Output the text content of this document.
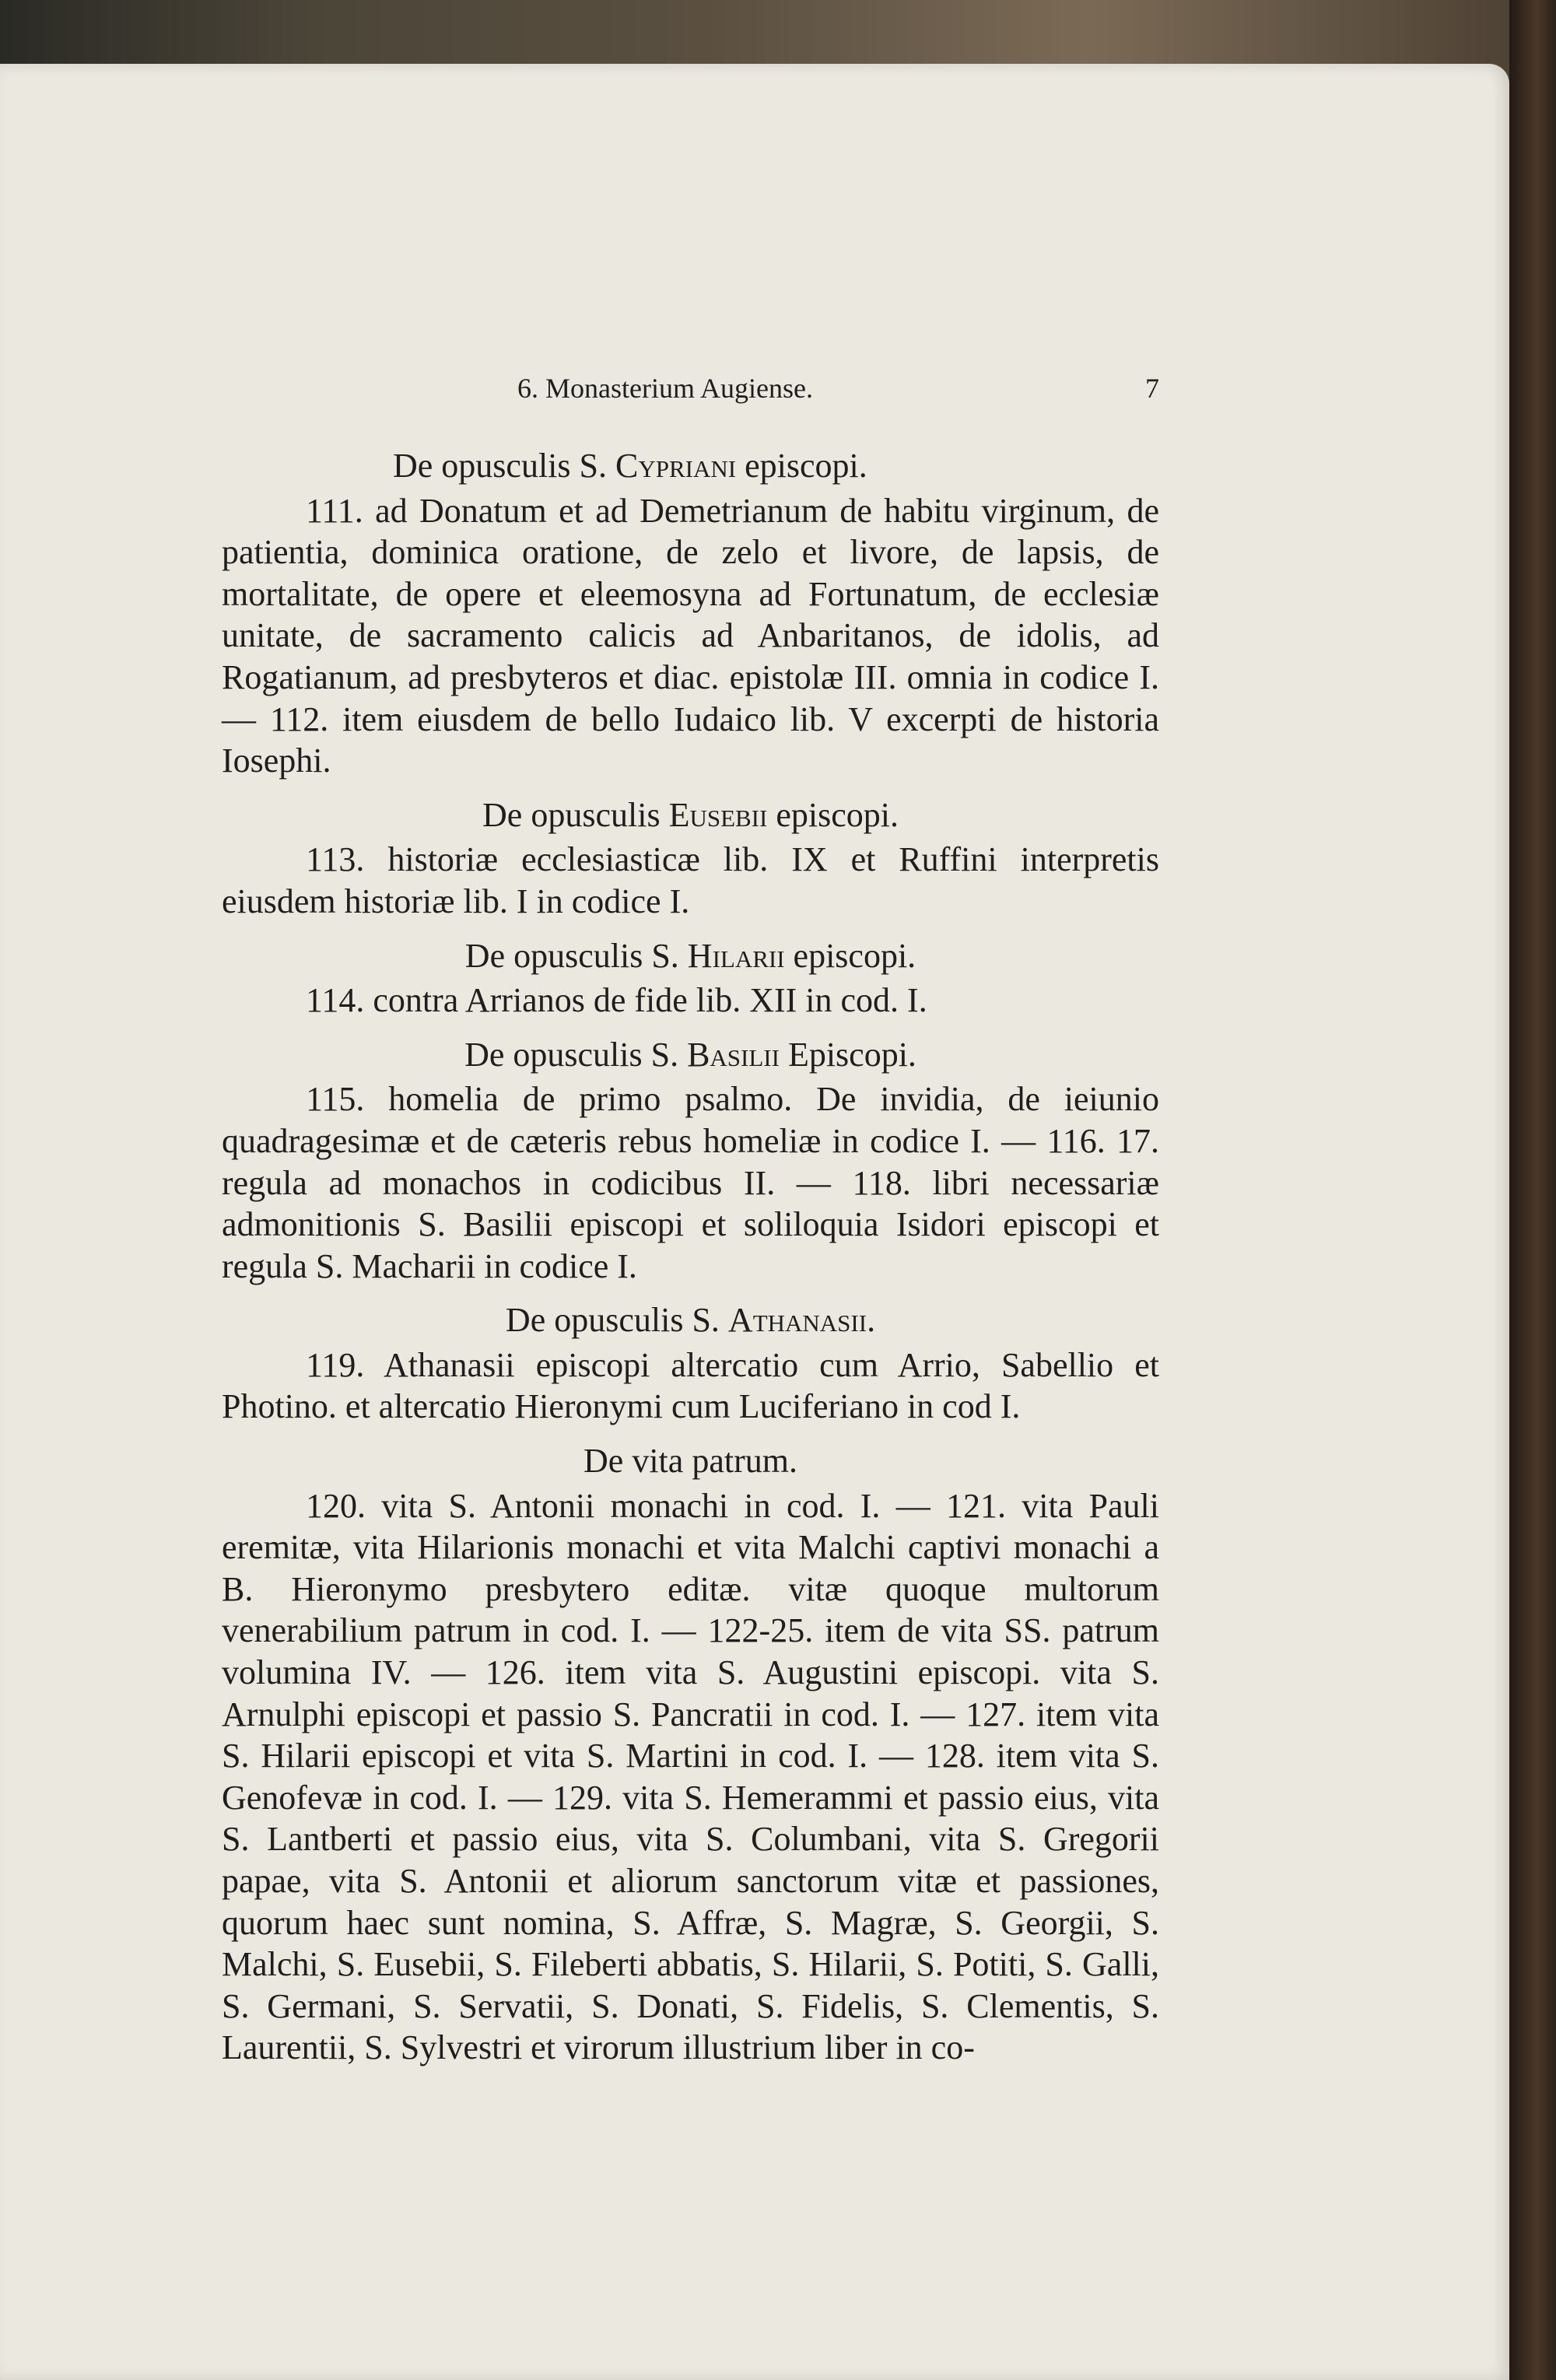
6. Monasterium Augiense.	7

De opusculis S. Cypriani episcopi.

111. ad Donatum et ad Demetrianum de habitu virginum, de patientia, dominica oratione, de zelo et livore, de lapsis, de mortalitate, de opere et eleemosyna ad Fortunatum, de ecclesiæ unitate, de sacramento calicis ad Anbaritanos, de idolis, ad Rogatianum, ad presbyteros et diac. epistolæ III. omnia in codice I. — 112. item eiusdem de bello Iudaico lib. V excerpti de historia Iosephi.

De opusculis Eusebii episcopi.

113. historiæ ecclesiasticæ lib. IX et Ruffini interpretis eiusdem historiæ lib. I in codice I.

De opusculis S. Hilarii episcopi.

114. contra Arrianos de fide lib. XII in cod. I.

De opusculis S. Basilii Episcopi.

115. homelia de primo psalmo. De invidia, de ieiunio quadragesimæ et de cæteris rebus homeliæ in codice I. — 116. 17. regula ad monachos in codicibus II. — 118. libri necessariæ admonitionis S. Basilii episcopi et soliloquia Isidori episcopi et regula S. Macharii in codice I.

De opusculis S. Athanasii.

119. Athanasii episcopi altercatio cum Arrio, Sabellio et Photino. et altercatio Hieronymi cum Luciferiano in cod I.

De vita patrum.

120. vita S. Antonii monachi in cod. I. — 121. vita Pauli eremitæ, vita Hilarionis monachi et vita Malchi captivi monachi a B. Hieronymo presbytero editæ. vitæ quoque multorum venerabilium patrum in cod. I. — 122-25. item de vita SS. patrum volumina IV. — 126. item vita S. Augustini episcopi. vita S. Arnulphi episcopi et passio S. Pancratii in cod. I. — 127. item vita S. Hilarii episcopi et vita S. Martini in cod. I. — 128. item vita S. Genofevæ in cod. I. — 129. vita S. Hemerammi et passio eius, vita S. Lantberti et passio eius, vita S. Columbani, vita S. Gregorii papae, vita S. Antonii et aliorum sanctorum vitæ et passiones, quorum haec sunt nomina, S. Affræ, S. Magræ, S. Georgii, S. Malchi, S. Eusebii, S. Fileberti abbatis, S. Hilarii, S. Potiti, S. Galli, S. Germani, S. Servatii, S. Donati, S. Fidelis, S. Clementis, S. Laurentii, S. Sylvestri et virorum illustrium liber in co-
